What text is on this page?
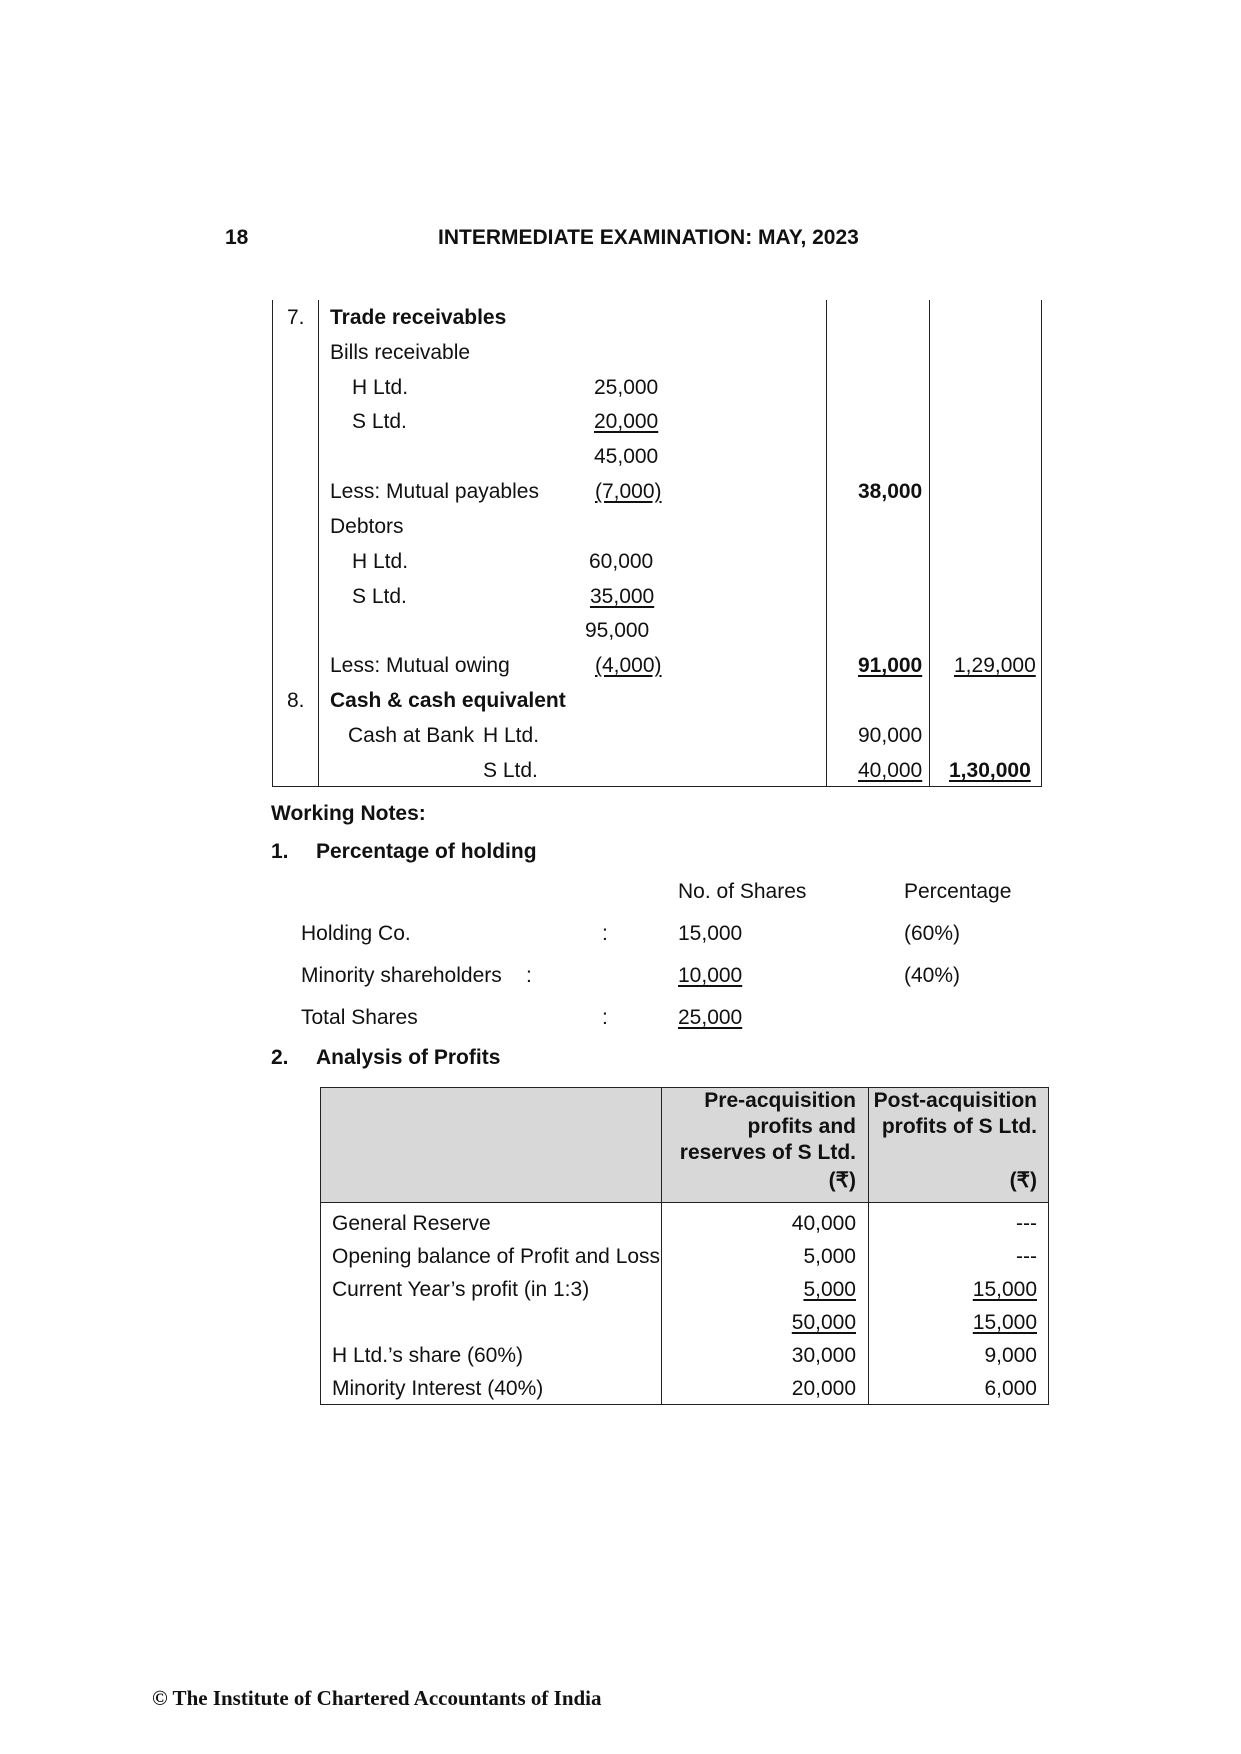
18	INTERMEDIATE EXAMINATION: MAY, 2023
7. Trade receivables
Bills receivable
H Ltd.	25,000
S Ltd.	20,000
45,000
Less: Mutual payables	(7,000)	38,000
Debtors
H Ltd.	60,000
S Ltd.	35,000
95,000
Less: Mutual owing	(4,000)	91,000 1,29,000
8. Cash & cash equivalent
Cash at Bank H Ltd.	90,000
S Ltd.	40,000 1,30,000
Working Notes:
1. Percentage of holding
No. of Shares	Percentage
Holding Co.	:	15,000	(60%)
Minority shareholders :	10,000	(40%)
Total Shares	:	25,000
2. Analysis of Profits
Pre-acquisition
profits and
reserves of S Ltd.
(₹)
Post-acquisition
profits of S Ltd.
(₹)
General Reserve	40,000	---
Opening balance of Profit and Loss	5,000	---
Current Year’s profit (in 1:3)	5,000	15,000
50,000	15,000
H Ltd.’s share (60%)	30,000	9,000
Minority Interest (40%)	20,000	6,000
© The Institute of Chartered Accountants of India
